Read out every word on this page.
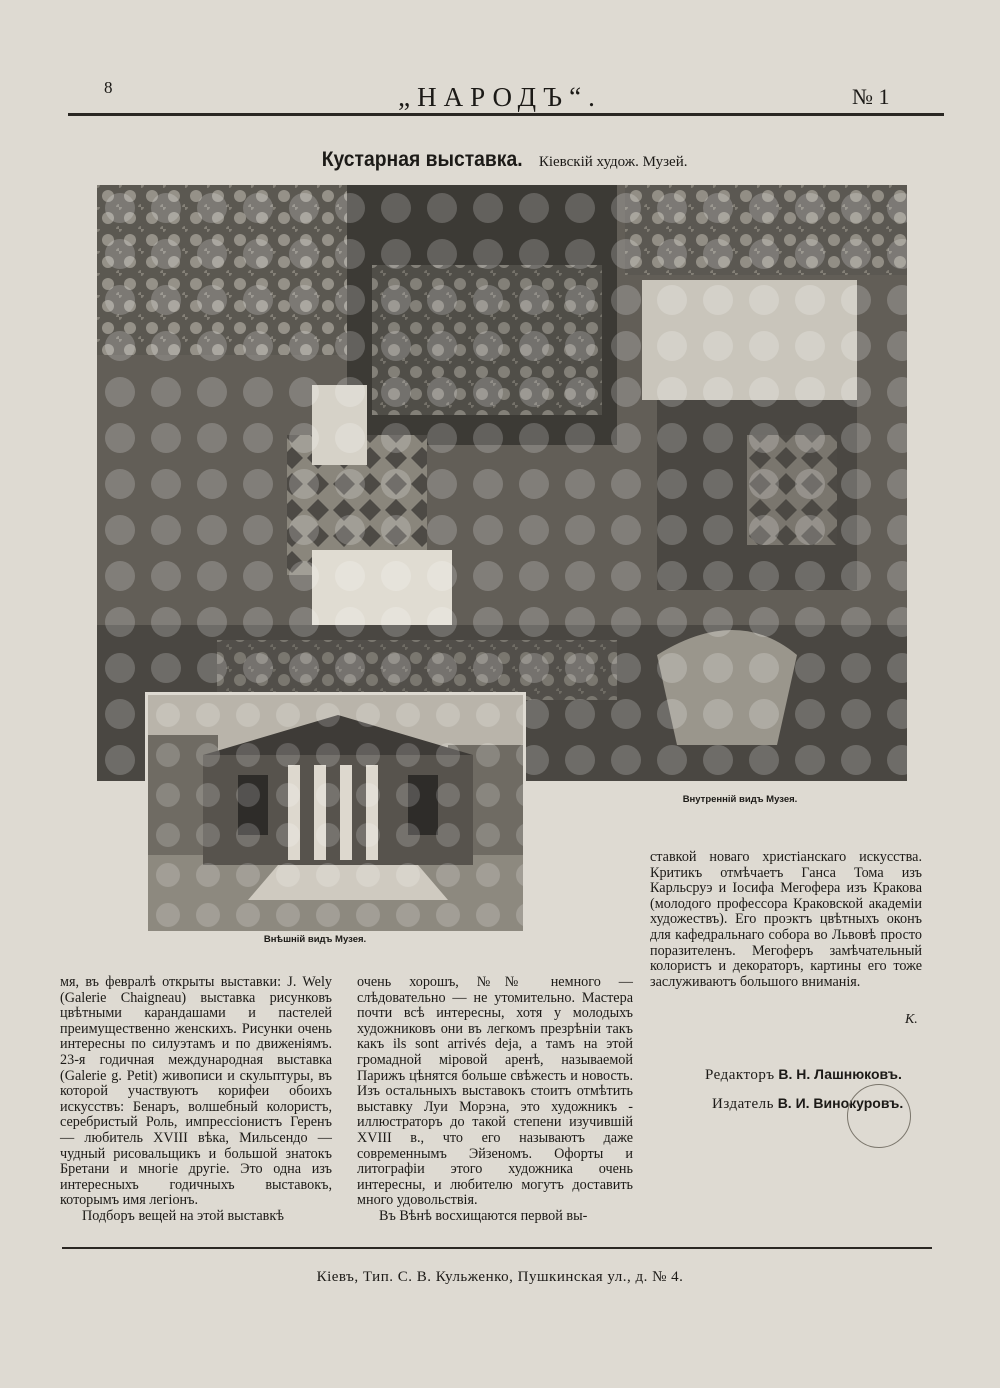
8	„НАРОДЪ“.	№ 1
Кустарная выставка. Кіевскій худож. Музей.
Внутренній видъ Музея.
Внѣшній видъ Музея.

мя, въ февралѣ открыты выставки: J. Wely (Galerie Chaigneau) выставка рисунковъ цвѣтными карандашами и пастелей преимущественно женскихъ. Рисунки очень интересны по силуэтамъ и по движеніямъ. 23-я годичная международная выставка (Galerie g. Petit) живописи и скульптуры, въ которой участвуютъ корифеи обоихъ искусствъ: Бенаръ, волшебный колористъ, серебристый Роль, импрессіонистъ Геренъ — любитель XVIII вѣка, Мильсендо — чудный рисовальщикъ и большой знатокъ Бретани и многіе другіе. Это одна изъ интересныхъ годичныхъ выставокъ, которымъ имя легіонъ.

Подборъ вещей на этой выставкѣ

очень хорошъ, №№ немного — слѣдовательно — не утомительно. Мастера почти всѣ интересны, хотя у молодыхъ художниковъ они въ легкомъ презрѣніи такъ какъ ils sont arrivés deja, а тамъ на этой громадной міровой аренѣ, называемой Парижъ цѣнятся больше свѣжесть и новость. Изъ остальныхъ выставокъ стоитъ отмѣтить выставку Луи Морэна, это художникъ - иллюстраторъ до такой степени изучившій XVIII в., что его называютъ даже современнымъ Эйзеномъ. Офорты и литографіи этого художника очень интересны, и любителю могутъ доставить много удовольствія.

Въ Вѣнѣ восхищаются первой вы-

ставкой новаго христіанскаго искусства. Критикъ отмѣчаетъ Ганса Тома изъ Карльсруэ и Іосифа Мегофера изъ Кракова (молодого профессора Краковской академіи художествъ). Его проэктъ цвѣтныхъ оконъ для кафедральнаго собора во Львовѣ просто поразителенъ. Мегоферъ замѣчательный колористъ и декораторъ, картины его тоже заслуживаютъ большого вниманія.

К.
Редакторъ В. Н. Лашнюковъ.
Издатель В. И. Винокуровъ.
Кіевъ, Тип. С. В. Кульженко, Пушкинская ул., д. № 4.
